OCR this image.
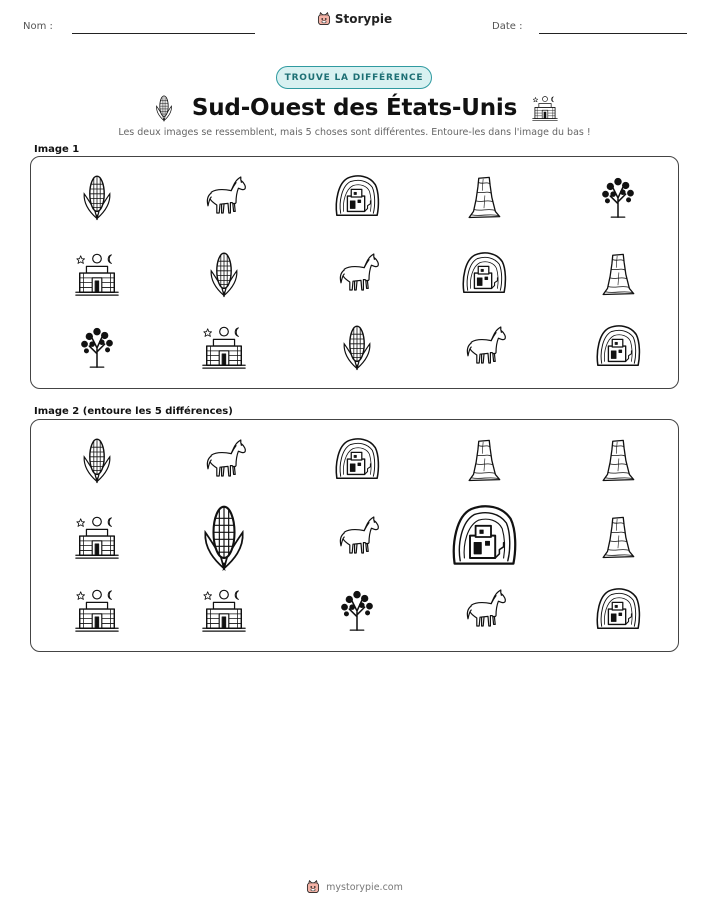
Nom :
Storypie
Date :
TROUVE LA DIFFÉRENCE
Sud-Ouest des États-Unis
Les deux images se ressemblent, mais 5 choses sont différentes. Entoure-les dans l'image du bas !
Image 1
Image 2 (entoure les 5 différences)
mystorypie.com
